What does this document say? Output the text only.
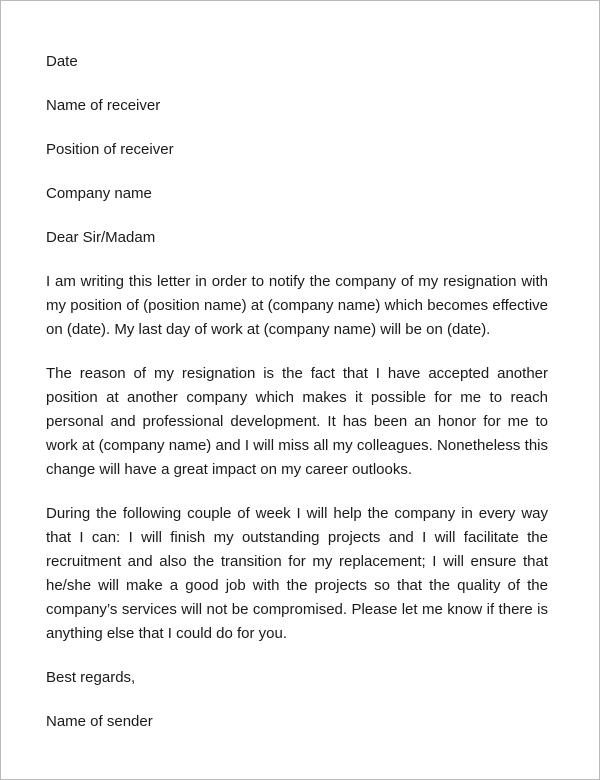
Date
Name of receiver
Position of receiver
Company name
Dear Sir/Madam
I am writing this letter in order to notify the company of my resignation with my position of (position name) at (company name) which becomes effective on (date). My last day of work at (company name) will be on (date).
The reason of my resignation is the fact that I have accepted another position at another company which makes it possible for me to reach personal and professional development. It has been an honor for me to work at (company name) and I will miss all my colleagues. Nonetheless this change will have a great impact on my career outlooks.
During the following couple of week I will help the company in every way that I can: I will finish my outstanding projects and I will facilitate the recruitment and also the transition for my replacement; I will ensure that he/she will make a good job with the projects so that the quality of the company’s services will not be compromised. Please let me know if there is anything else that I could do for you.
Best regards,
Name of sender
